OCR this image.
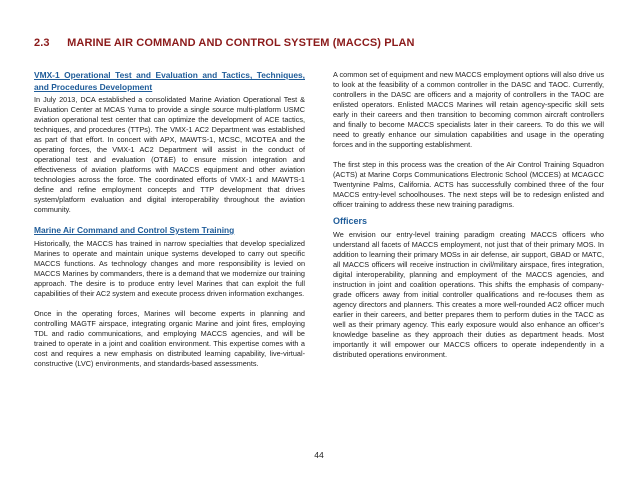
2.3 MARINE AIR COMMAND AND CONTROL SYSTEM (MACCS) PLAN
VMX-1 Operational Test and Evaluation and Tactics, Techniques, and Procedures Development

In July 2013, DCA established a consolidated Marine Aviation Operational Test & Evaluation Center at MCAS Yuma to provide a single source multi-platform USMC aviation operational test center that can optimize the development of ACE tactics, techniques, and procedures (TTPs). The VMX-1 AC2 Department was established as part of that effort. In concert with APX, MAWTS-1, MCSC, MCOTEA and the operating forces, the VMX-1 AC2 Department will assist in the conduct of operational test and evaluation (OT&E) to ensure mission integration and effectiveness of aviation platforms with MACCS equipment and other aviation technologies across the force. The coordinated efforts of VMX-1 and MAWTS-1 define and refine employment concepts and TTP development that drives system/platform evaluation and digital interoperability throughout the aviation community.

Marine Air Command and Control System Training

Historically, the MACCS has trained in narrow specialties that develop specialized Marines to operate and maintain unique systems developed to carry out specific MACCS functions. As technology changes and more responsibility is levied on MACCS Marines by commanders, there is a demand that we modernize our training approach. The desire is to produce entry level Marines that can exploit the full capabilities of their AC2 system and execute process driven information exchanges.

Once in the operating forces, Marines will become experts in planning and controlling MAGTF airspace, integrating organic Marine and joint fires, employing TDL and radio communications, and employing MACCS agencies, and will be trained to operate in a joint and coalition environment. This expertise comes with a cost and requires a new emphasis on distributed learning capability, live-virtual-constructive (LVC) environments, and standards-based assessments.

A common set of equipment and new MACCS employment options will also drive us to look at the feasibility of a common controller in the DASC and TAOC. Currently, controllers in the DASC are officers and a majority of controllers in the TAOC are enlisted operators. Enlisted MACCS Marines will retain agency-specific skill sets early in their careers and then transition to becoming common aircraft controllers and finally to become MACCS specialists later in their careers. To do this we will need to greatly enhance our simulation capabilities and usage in the operating forces and in the supporting establishment.

The first step in this process was the creation of the Air Control Training Squadron (ACTS) at Marine Corps Communications Electronic School (MCCES) at MCAGCC Twentynine Palms, California. ACTS has successfully combined three of the four MACCS entry-level schoolhouses. The next steps will be to redesign enlisted and officer training to address these new training paradigms.

Officers

We envision our entry-level training paradigm creating MACCS officers who understand all facets of MACCS employment, not just that of their primary MOS. In addition to learning their primary MOSs in air defense, air support, GBAD or MATC, all MACCS officers will receive instruction in civil/military airspace, fires integration, digital interoperability, planning and employment of the MACCS agencies, and instruction in joint and coalition operations. This shifts the emphasis of company-grade officers away from initial controller qualifications and re-focuses them as agency directors and planners. This creates a more well-rounded AC2 officer much earlier in their careers, and better prepares them to perform duties in the TACC as well as their primary agency. This early exposure would also enhance an officer’s knowledge baseline as they approach their duties as department heads. Most importantly it will empower our MACCS officers to operate independently in a distributed operations environment.

44
